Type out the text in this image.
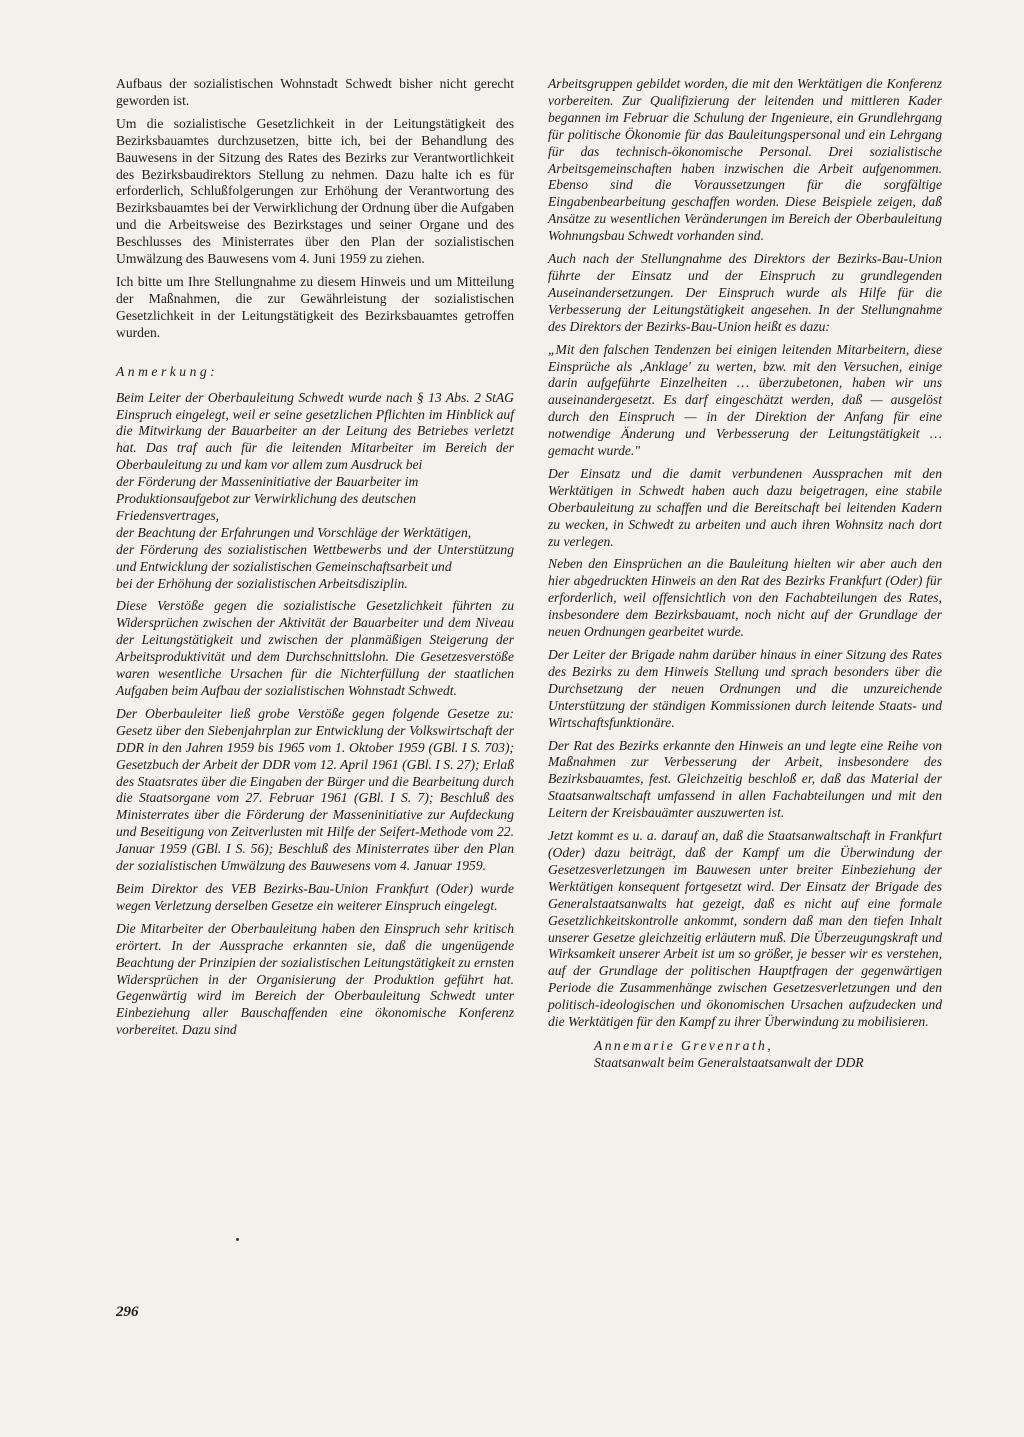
Aufbaus der sozialistischen Wohnstadt Schwedt bisher nicht gerecht geworden ist.

Um die sozialistische Gesetzlichkeit in der Leitungstätigkeit des Bezirksbauamtes durchzusetzen, bitte ich, bei der Behandlung des Bauwesens in der Sitzung des Rates des Bezirks zur Verantwortlichkeit des Bezirksbaudirektors Stellung zu nehmen. Dazu halte ich es für erforderlich, Schlußfolgerungen zur Erhöhung der Verantwortung des Bezirksbauamtes bei der Verwirklichung der Ordnung über die Aufgaben und die Arbeitsweise des Bezirkstages und seiner Organe und des Beschlusses des Ministerrates über den Plan der sozialistischen Umwälzung des Bauwesens vom 4. Juni 1959 zu ziehen.

Ich bitte um Ihre Stellungnahme zu diesem Hinweis und um Mitteilung der Maßnahmen, die zur Gewährleistung der sozialistischen Gesetzlichkeit in der Leitungstätigkeit des Bezirksbauamtes getroffen wurden.

Anmerkung:

Beim Leiter der Oberbauleitung Schwedt wurde nach § 13 Abs. 2 StAG Einspruch eingelegt, weil er seine gesetzlichen Pflichten im Hinblick auf die Mitwirkung der Bauarbeiter an der Leitung des Betriebes verletzt hat. Das traf auch für die leitenden Mitarbeiter im Bereich der Oberbauleitung zu und kam vor allem zum Ausdruck bei

der Förderung der Masseninitiative der Bauarbeiter im Produktionsaufgebot zur Verwirklichung des deutschen Friedensvertrages,

der Beachtung der Erfahrungen und Vorschläge der Werktätigen,

der Förderung des sozialistischen Wettbewerbs und der Unterstützung und Entwicklung der sozialistischen Gemeinschaftsarbeit und

bei der Erhöhung der sozialistischen Arbeitsdisziplin.

Diese Verstöße gegen die sozialistische Gesetzlichkeit führten zu Widersprüchen zwischen der Aktivität der Bauarbeiter und dem Niveau der Leitungstätigkeit und zwischen der planmäßigen Steigerung der Arbeitsproduktivität und dem Durchschnittslohn. Die Gesetzesverstöße waren wesentliche Ursachen für die Nichterfüllung der staatlichen Aufgaben beim Aufbau der sozialistischen Wohnstadt Schwedt.

Der Oberbauleiter ließ grobe Verstöße gegen folgende Gesetze zu: Gesetz über den Siebenjahrplan zur Entwicklung der Volkswirtschaft der DDR in den Jahren 1959 bis 1965 vom 1. Oktober 1959 (GBl. I S. 703); Gesetzbuch der Arbeit der DDR vom 12. April 1961 (GBl. I S. 27); Erlaß des Staatsrates über die Eingaben der Bürger und die Bearbeitung durch die Staatsorgane vom 27. Februar 1961 (GBl. I S. 7); Beschluß des Ministerrates über die Förderung der Masseninitiative zur Aufdeckung und Beseitigung von Zeitverlusten mit Hilfe der Seifert-Methode vom 22. Januar 1959 (GBl. I S. 56); Beschluß des Ministerrates über den Plan der sozialistischen Umwälzung des Bauwesens vom 4. Januar 1959.

Beim Direktor des VEB Bezirks-Bau-Union Frankfurt (Oder) wurde wegen Verletzung derselben Gesetze ein weiterer Einspruch eingelegt.

Die Mitarbeiter der Oberbauleitung haben den Einspruch sehr kritisch erörtert. In der Aussprache erkannten sie, daß die ungenügende Beachtung der Prinzipien der sozialistischen Leitungstätigkeit zu ernsten Widersprüchen in der Organisierung der Produktion geführt hat. Gegenwärtig wird im Bereich der Oberbauleitung Schwedt unter Einbeziehung aller Bauschaffenden eine ökonomische Konferenz vorbereitet. Dazu sind

Arbeitsgruppen gebildet worden, die mit den Werktätigen die Konferenz vorbereiten. Zur Qualifizierung der leitenden und mittleren Kader begannen im Februar die Schulung der Ingenieure, ein Grundlehrgang für politische Ökonomie für das Bauleitungspersonal und ein Lehrgang für das technisch-ökonomische Personal. Drei sozialistische Arbeitsgemeinschaften haben inzwischen die Arbeit aufgenommen. Ebenso sind die Voraussetzungen für die sorgfältige Eingabenbearbeitung geschaffen worden. Diese Beispiele zeigen, daß Ansätze zu wesentlichen Veränderungen im Bereich der Oberbauleitung Wohnungsbau Schwedt vorhanden sind.

Auch nach der Stellungnahme des Direktors der Bezirks-Bau-Union führte der Einsatz und der Einspruch zu grundlegenden Auseinandersetzungen. Der Einspruch wurde als Hilfe für die Verbesserung der Leitungstätigkeit angesehen. In der Stellungnahme des Direktors der Bezirks-Bau-Union heißt es dazu:

„Mit den falschen Tendenzen bei einigen leitenden Mitarbeitern, diese Einsprüche als ‚Anklage' zu werten, bzw. mit den Versuchen, einige darin aufgeführte Einzelheiten … überzubetonen, haben wir uns auseinandergesetzt. Es darf eingeschätzt werden, daß — ausgelöst durch den Einspruch — in der Direktion der Anfang für eine notwendige Änderung und Verbesserung der Leitungstätigkeit … gemacht wurde."

Der Einsatz und die damit verbundenen Aussprachen mit den Werktätigen in Schwedt haben auch dazu beigetragen, eine stabile Oberbauleitung zu schaffen und die Bereitschaft bei leitenden Kadern zu wecken, in Schwedt zu arbeiten und auch ihren Wohnsitz nach dort zu verlegen.

Neben den Einsprüchen an die Bauleitung hielten wir aber auch den hier abgedruckten Hinweis an den Rat des Bezirks Frankfurt (Oder) für erforderlich, weil offensichtlich von den Fachabteilungen des Rates, insbesondere dem Bezirksbauamt, noch nicht auf der Grundlage der neuen Ordnungen gearbeitet wurde.

Der Leiter der Brigade nahm darüber hinaus in einer Sitzung des Rates des Bezirks zu dem Hinweis Stellung und sprach besonders über die Durchsetzung der neuen Ordnungen und die unzureichende Unterstützung der ständigen Kommissionen durch leitende Staats- und Wirtschaftsfunktionäre.

Der Rat des Bezirks erkannte den Hinweis an und legte eine Reihe von Maßnahmen zur Verbesserung der Arbeit, insbesondere des Bezirksbauamtes, fest. Gleichzeitig beschloß er, daß das Material der Staatsanwaltschaft umfassend in allen Fachabteilungen und mit den Leitern der Kreisbauämter auszuwerten ist.

Jetzt kommt es u. a. darauf an, daß die Staatsanwaltschaft in Frankfurt (Oder) dazu beiträgt, daß der Kampf um die Überwindung der Gesetzesverletzungen im Bauwesen unter breiter Einbeziehung der Werktätigen konsequent fortgesetzt wird. Der Einsatz der Brigade des Generalstaatsanwalts hat gezeigt, daß es nicht auf eine formale Gesetzlichkeitskontrolle ankommt, sondern daß man den tiefen Inhalt unserer Gesetze gleichzeitig erläutern muß. Die Überzeugungskraft und Wirksamkeit unserer Arbeit ist um so größer, je besser wir es verstehen, auf der Grundlage der politischen Hauptfragen der gegenwärtigen Periode die Zusammenhänge zwischen Gesetzesverletzungen und den politisch-ideologischen und ökonomischen Ursachen aufzudecken und die Werktätigen für den Kampf zu ihrer Überwindung zu mobilisieren.

Annemarie Grevenrath,
Staatsanwalt beim Generalstaatsanwalt der DDR
296
